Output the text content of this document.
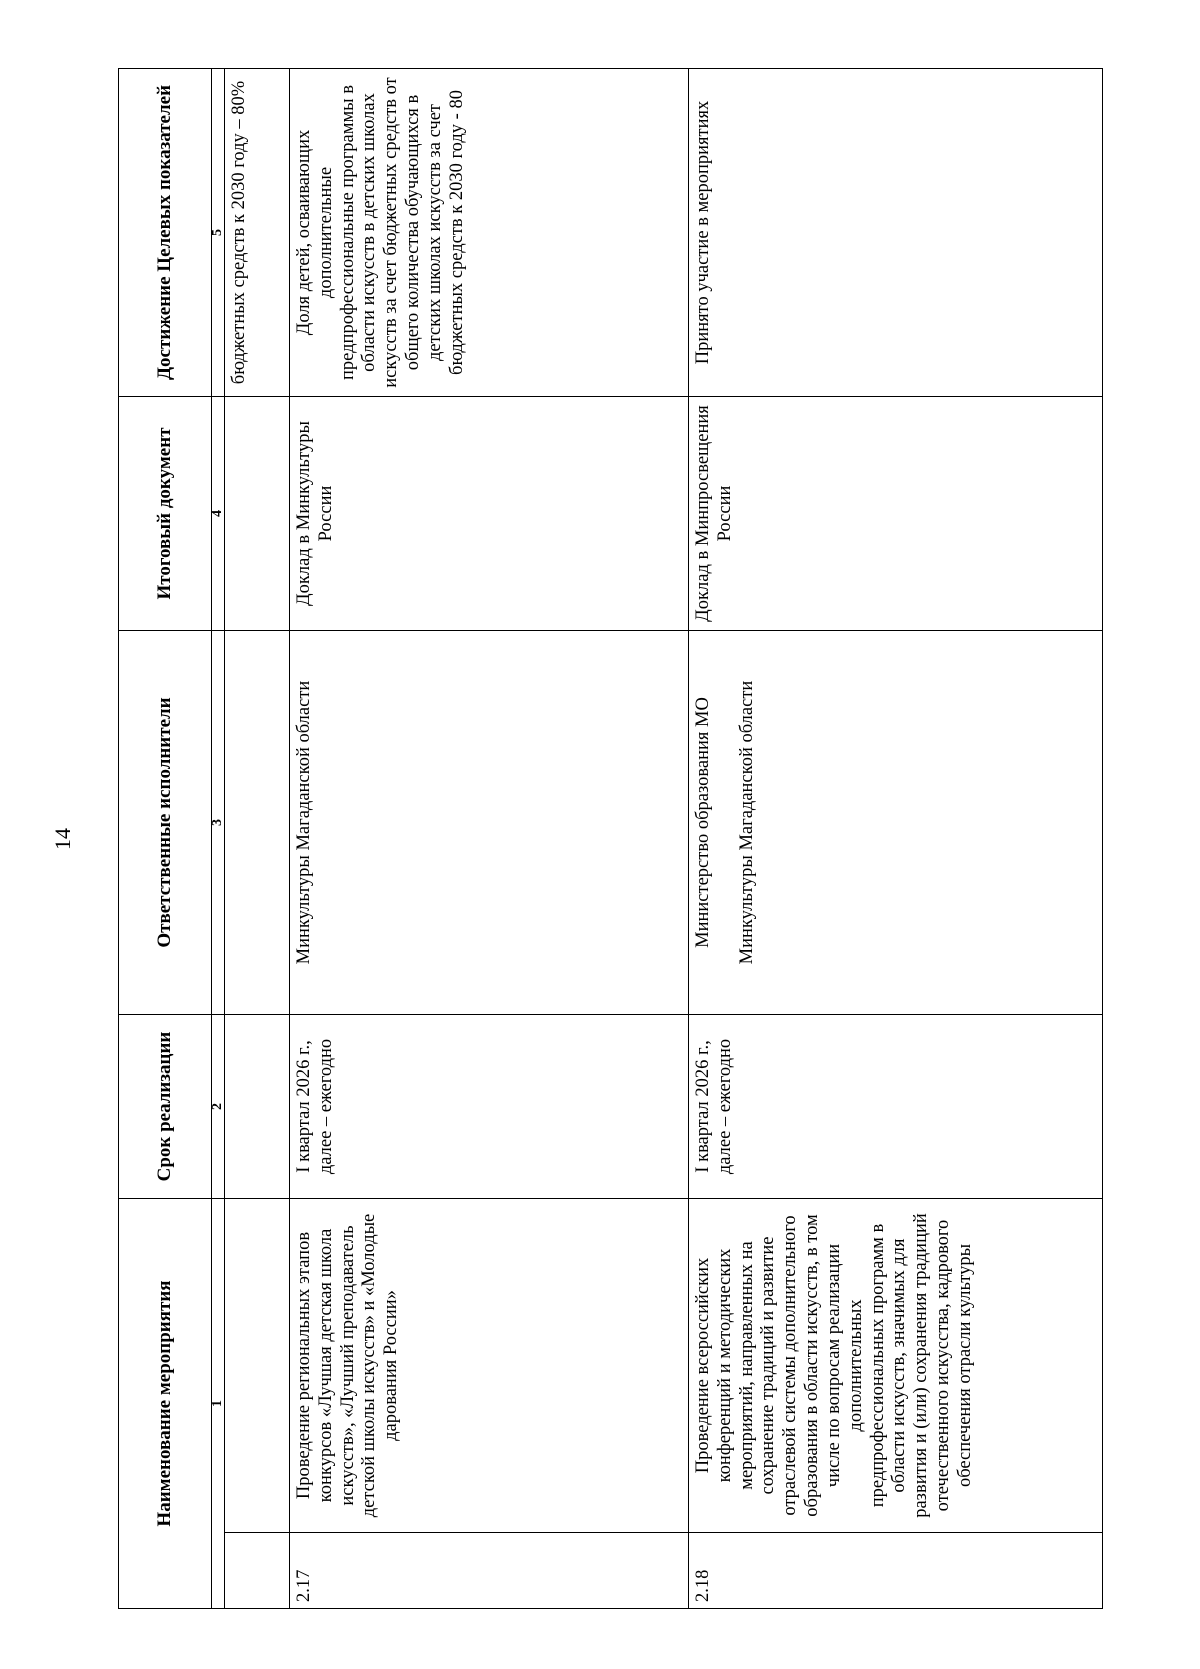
14
Наименование мероприятия		Срок реализации	Ответственные исполнители	Итоговый документ	Достижение Целевых показателей
1		2	3	4	5
					бюджетных средств к 2030 году – 80%
2.17	Проведение региональных этапов конкурсов «Лучшая детская школа искусств», «Лучший преподаватель детской школы искусств» и «Молодые дарования России»	I квартал 2026 г., далее – ежегодно	Минкультуры Магаданской области	Доклад в Минкультуры России	Доля детей, осваивающих дополнительные предпрофессиональные программы в области искусств в детских школах искусств за счет бюджетных средств от общего количества обучающихся в детских школах искусств за счет бюджетных средств к 2030 году - 80
2.18	Проведение всероссийских конференций и методических мероприятий, направленных на сохранение традиций и развитие отраслевой системы дополнительного образования в области искусств, в том числе по вопросам реализации дополнительных предпрофессиональных программ в области искусств, значимых для развития и (или) сохранения традиций отечественного искусства, кадрового обеспечения отрасли культуры	I квартал 2026 г., далее – ежегодно	Министерство образования МО Минкультуры Магаданской области	Доклад в Минпросвещения России	Принято участие в мероприятиях
